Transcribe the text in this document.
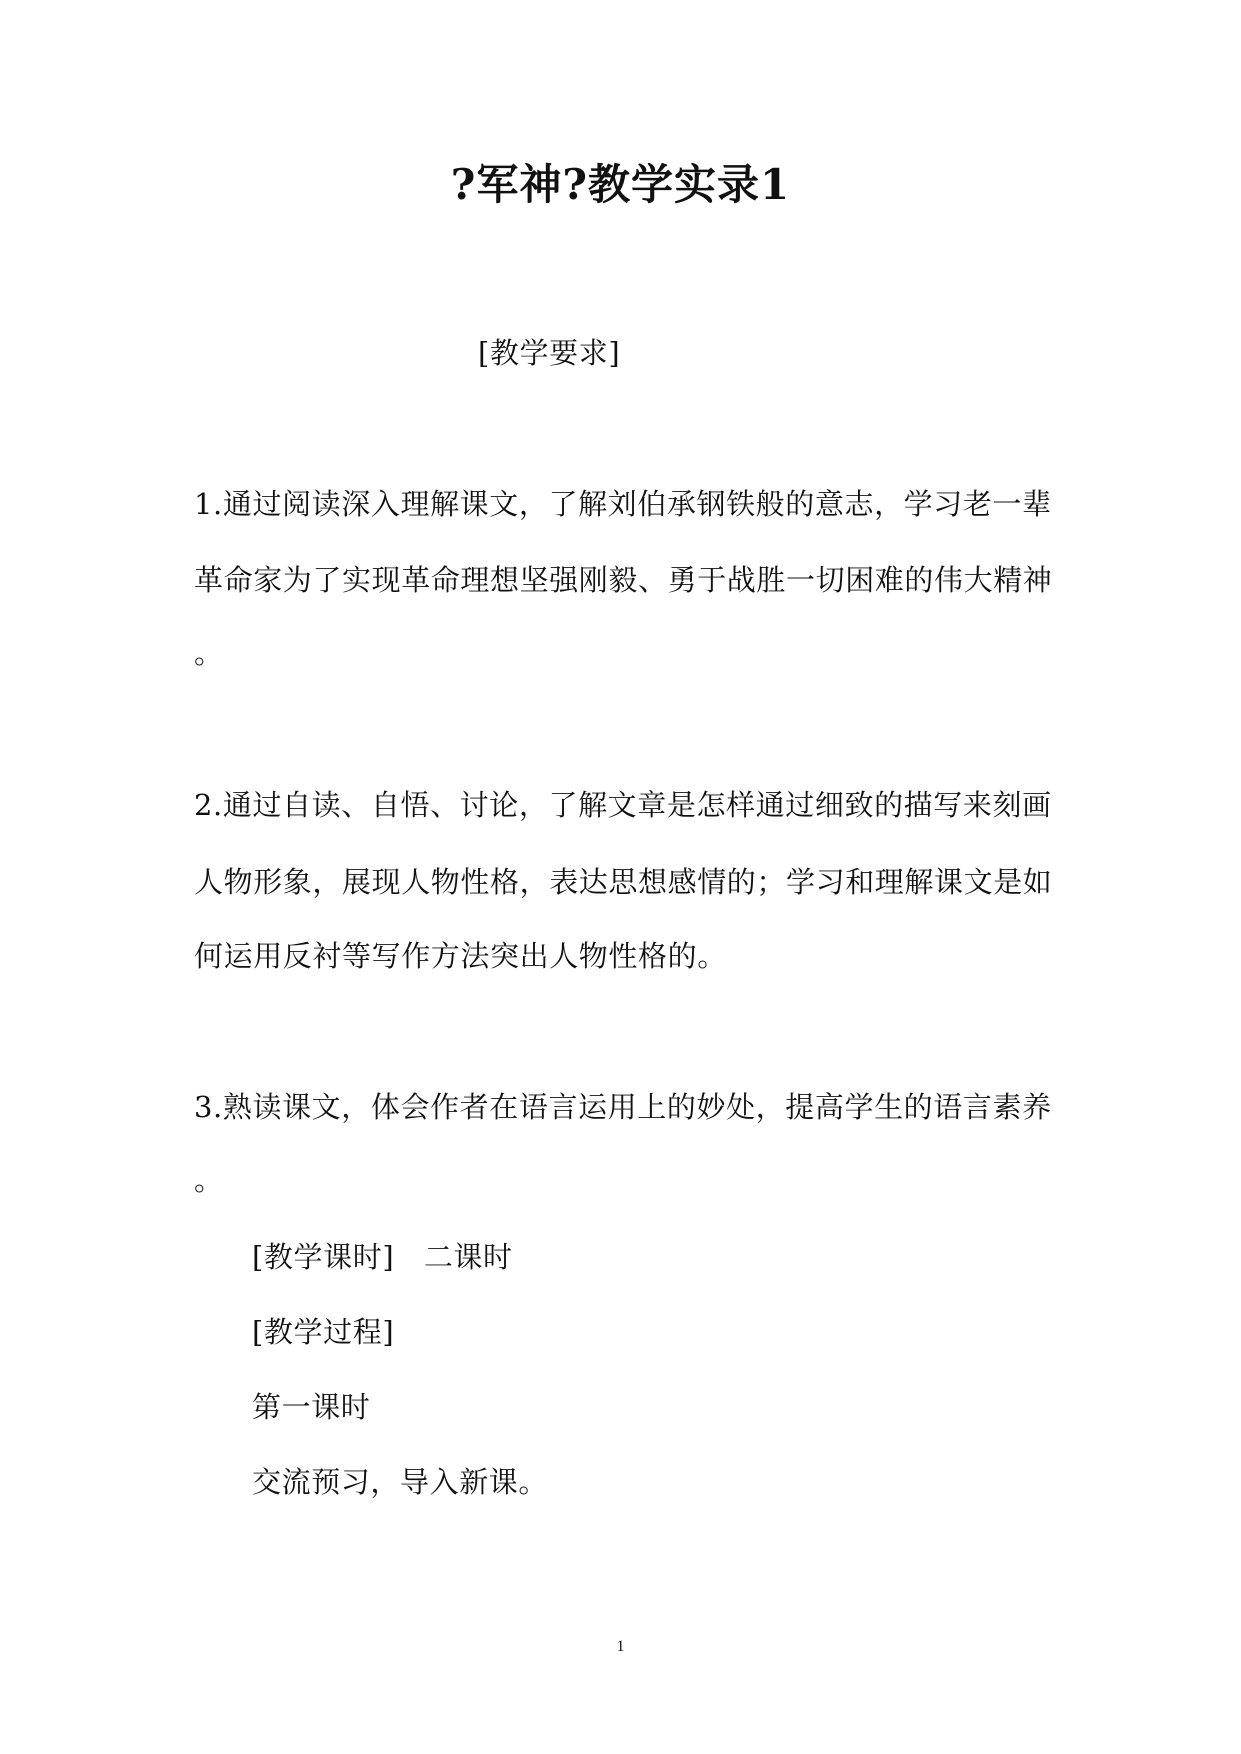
?军神?教学实录1
[教学要求]
1.通过阅读深入理解课文，了解刘伯承钢铁般的意志，学习老一辈
革命家为了实现革命理想坚强刚毅、勇于战胜一切困难的伟大精神
。
2.通过自读、自悟、讨论，了解文章是怎样通过细致的描写来刻画
人物形象，展现人物性格，表达思想感情的；学习和理解课文是如
何运用反衬等写作方法突出人物性格的。
3.熟读课文，体会作者在语言运用上的妙处，提高学生的语言素养
。
[教学课时]　二课时
[教学过程]
第一课时
交流预习，导入新课。
1
